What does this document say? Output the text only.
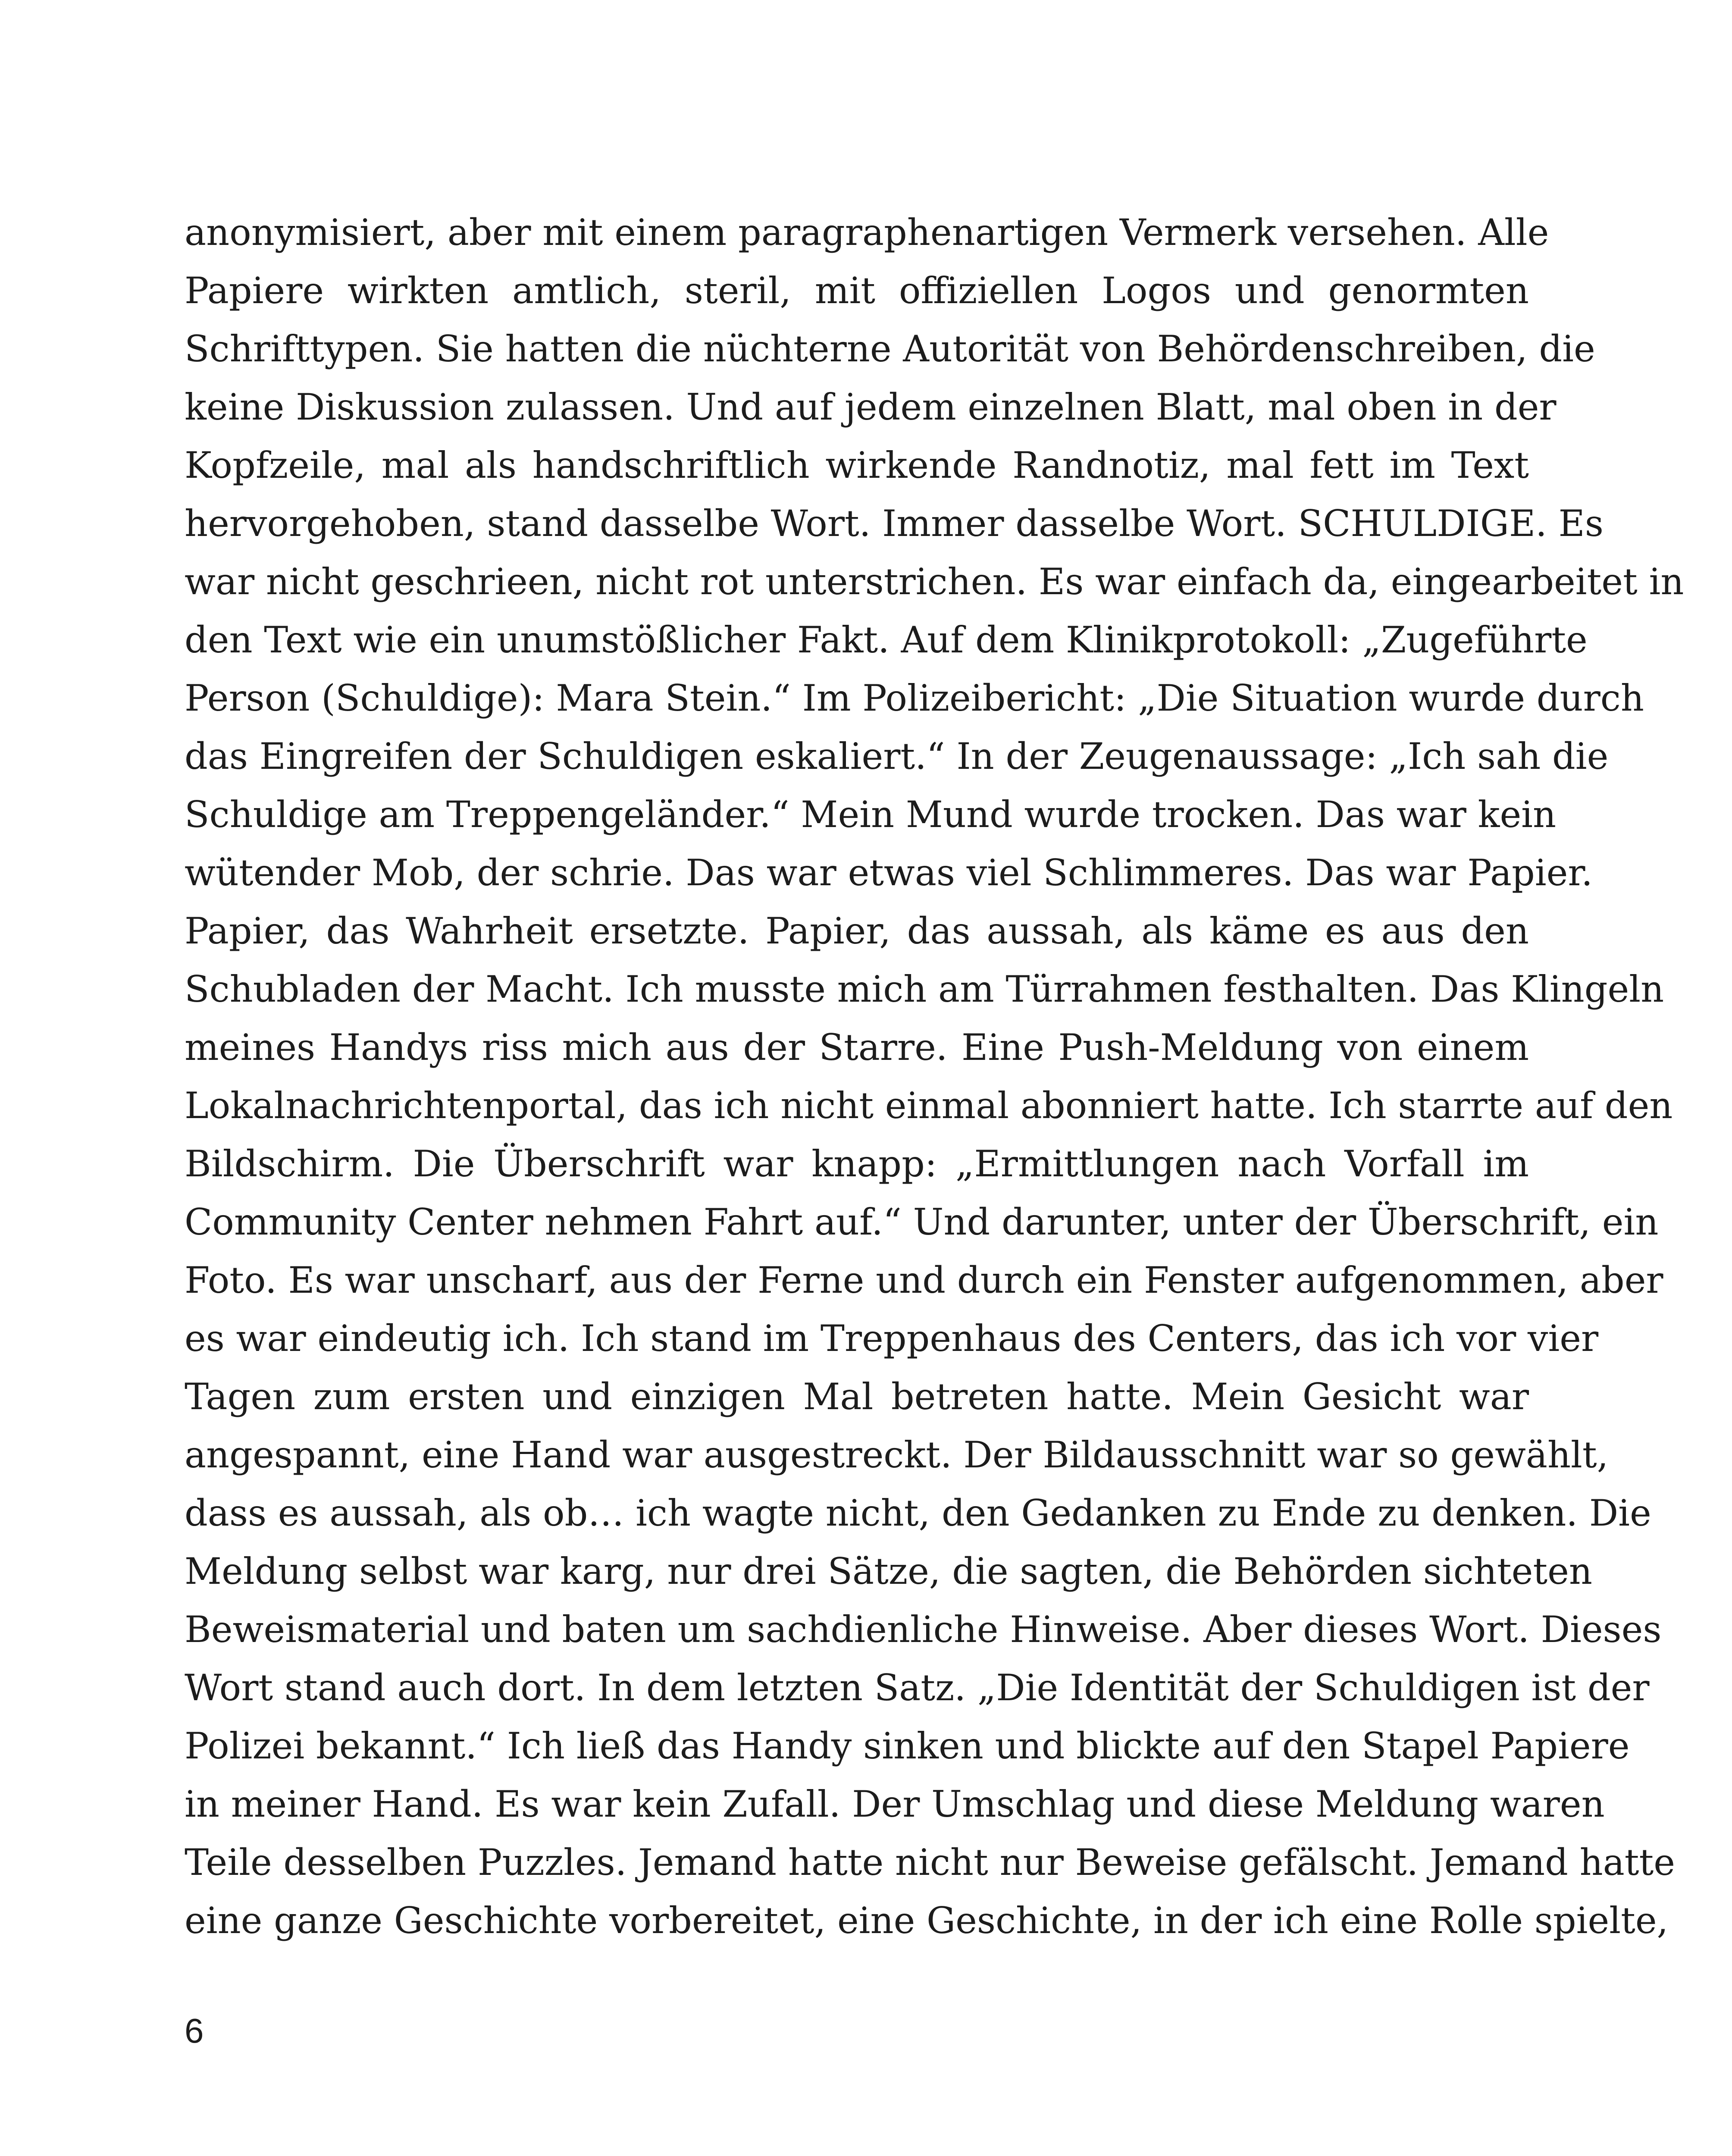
anonymisiert, aber mit einem paragraphenartigen Vermerk versehen. Alle
Papiere wirkten amtlich, steril, mit offiziellen Logos und genormten
Schrifttypen. Sie hatten die nüchterne Autorität von Behördenschreiben, die
keine Diskussion zulassen. Und auf jedem einzelnen Blatt, mal oben in der
Kopfzeile, mal als handschriftlich wirkende Randnotiz, mal fett im Text
hervorgehoben, stand dasselbe Wort. Immer dasselbe Wort. SCHULDIGE. Es
war nicht geschrieen, nicht rot unterstrichen. Es war einfach da, eingearbeitet in
den Text wie ein unumstößlicher Fakt. Auf dem Klinikprotokoll: „Zugeführte
Person (Schuldige): Mara Stein.“ Im Polizeibericht: „Die Situation wurde durch
das Eingreifen der Schuldigen eskaliert.“ In der Zeugenaussage: „Ich sah die
Schuldige am Treppengeländer.“ Mein Mund wurde trocken. Das war kein
wütender Mob, der schrie. Das war etwas viel Schlimmeres. Das war Papier.
Papier, das Wahrheit ersetzte. Papier, das aussah, als käme es aus den
Schubladen der Macht. Ich musste mich am Türrahmen festhalten. Das Klingeln
meines Handys riss mich aus der Starre. Eine Push-Meldung von einem
Lokalnachrichtenportal, das ich nicht einmal abonniert hatte. Ich starrte auf den
Bildschirm. Die Überschrift war knapp: „Ermittlungen nach Vorfall im
Community Center nehmen Fahrt auf.“ Und darunter, unter der Überschrift, ein
Foto. Es war unscharf, aus der Ferne und durch ein Fenster aufgenommen, aber
es war eindeutig ich. Ich stand im Treppenhaus des Centers, das ich vor vier
Tagen zum ersten und einzigen Mal betreten hatte. Mein Gesicht war
angespannt, eine Hand war ausgestreckt. Der Bildausschnitt war so gewählt,
dass es aussah, als ob… ich wagte nicht, den Gedanken zu Ende zu denken. Die
Meldung selbst war karg, nur drei Sätze, die sagten, die Behörden sichteten
Beweismaterial und baten um sachdienliche Hinweise. Aber dieses Wort. Dieses
Wort stand auch dort. In dem letzten Satz. „Die Identität der Schuldigen ist der
Polizei bekannt.“ Ich ließ das Handy sinken und blickte auf den Stapel Papiere
in meiner Hand. Es war kein Zufall. Der Umschlag und diese Meldung waren
Teile desselben Puzzles. Jemand hatte nicht nur Beweise gefälscht. Jemand hatte
eine ganze Geschichte vorbereitet, eine Geschichte, in der ich eine Rolle spielte,

6
